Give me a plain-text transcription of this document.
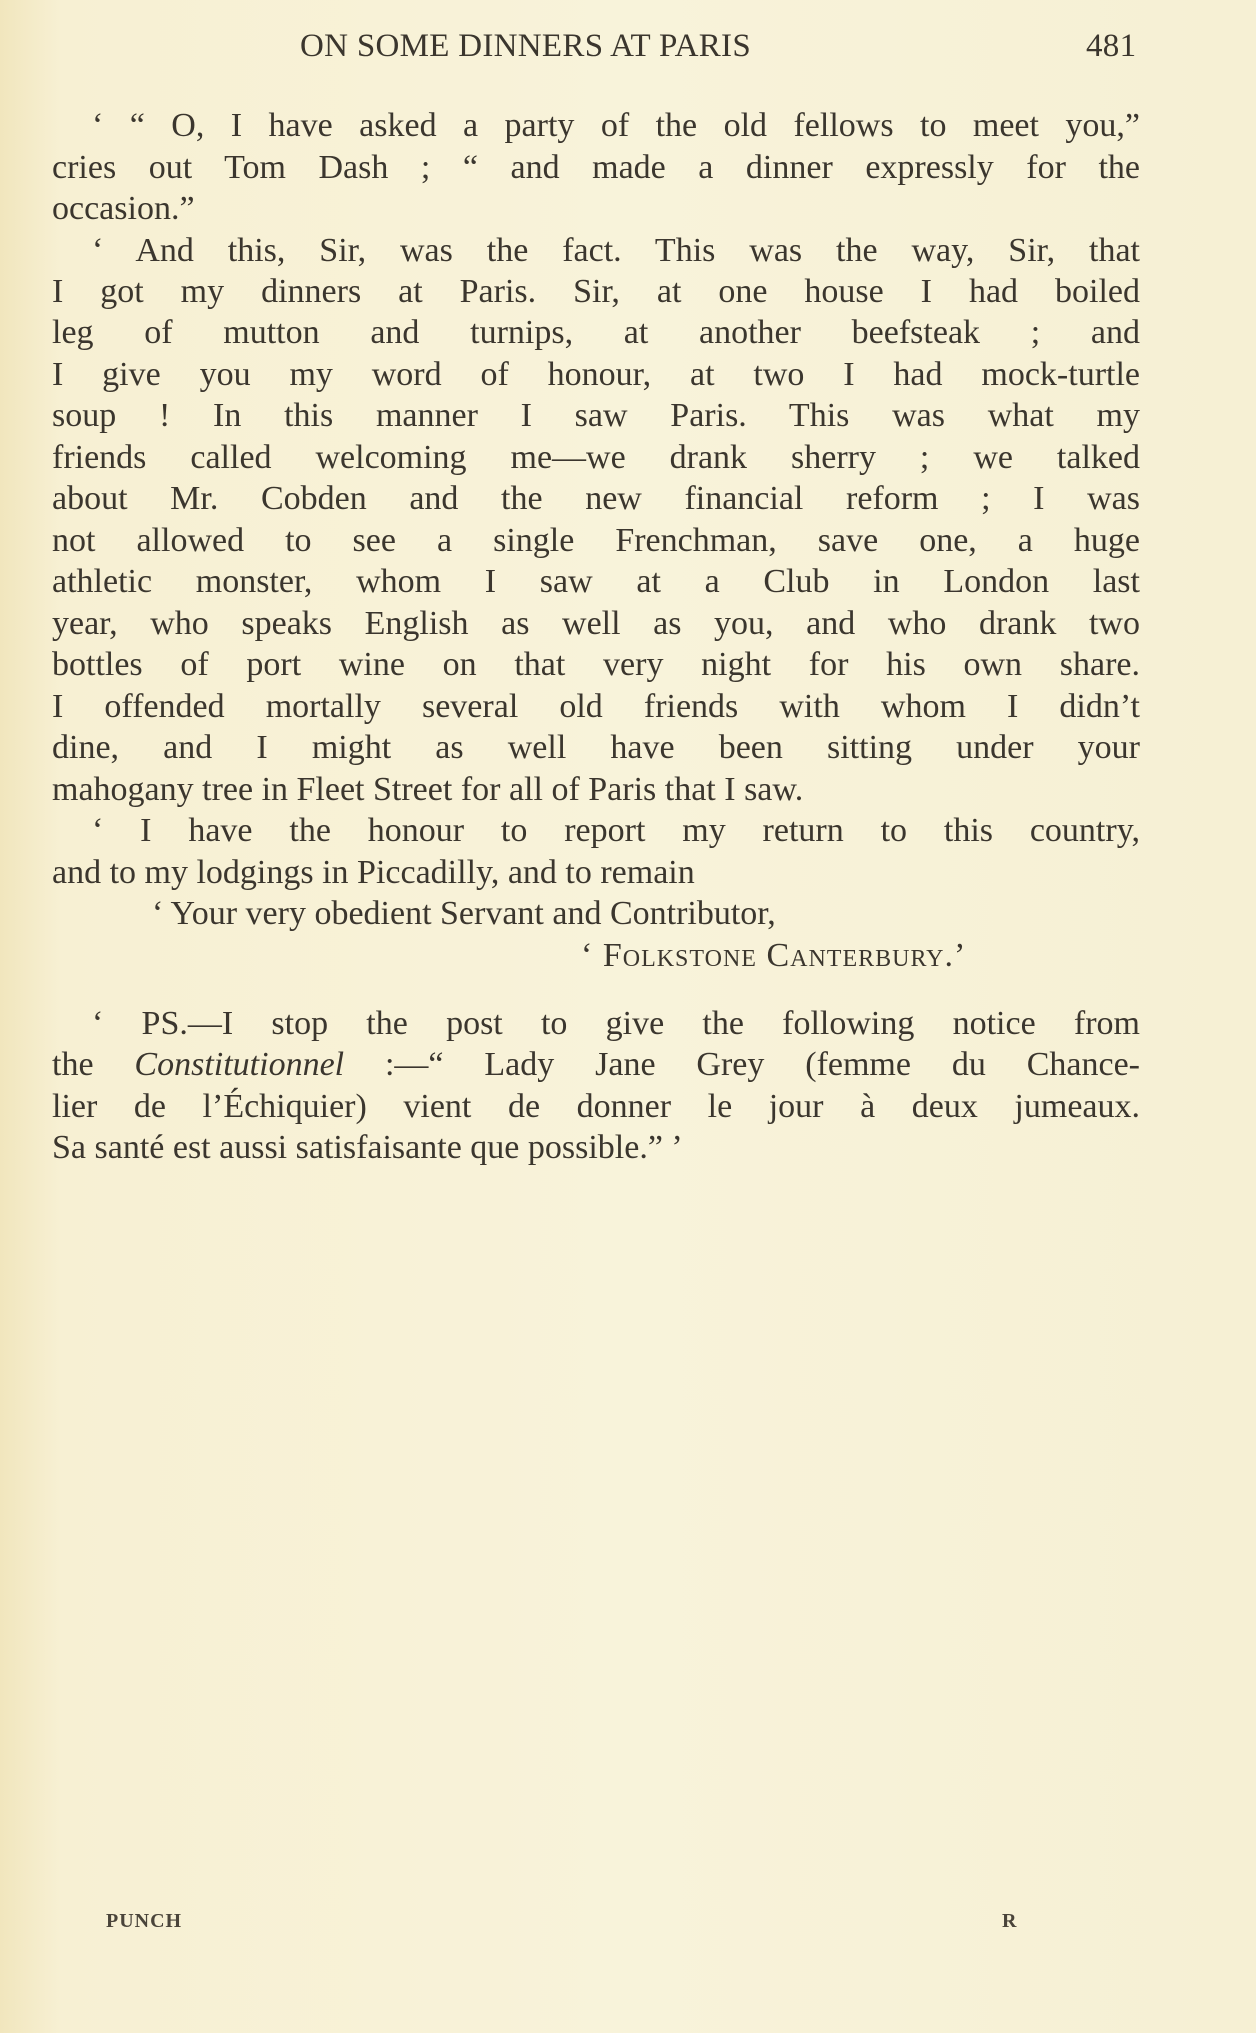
ON SOME DINNERS AT PARIS	481
‘ “ O, I have asked a party of the old fellows to meet you,”
cries out Tom Dash ; “ and made a dinner expressly for the
occasion.”
‘ And this, Sir, was the fact. This was the way, Sir, that
I got my dinners at Paris. Sir, at one house I had boiled
leg of mutton and turnips, at another beefsteak ; and
I give you my word of honour, at two I had mock-turtle
soup ! In this manner I saw Paris. This was what my
friends called welcoming me—we drank sherry ; we talked
about Mr. Cobden and the new financial reform ; I was
not allowed to see a single Frenchman, save one, a huge
athletic monster, whom I saw at a Club in London last
year, who speaks English as well as you, and who drank two
bottles of port wine on that very night for his own share.
I offended mortally several old friends with whom I didn’t
dine, and I might as well have been sitting under your
mahogany tree in Fleet Street for all of Paris that I saw.
‘ I have the honour to report my return to this country,
and to my lodgings in Piccadilly, and to remain
‘ Your very obedient Servant and Contributor,
‘ Folkstone Canterbury.’
‘ PS.—I stop the post to give the following notice from
the Constitutionnel :—“ Lady Jane Grey (femme du Chance-
lier de l’Échiquier) vient de donner le jour à deux jumeaux.
Sa santé est aussi satisfaisante que possible.” ’
PUNCH	R
